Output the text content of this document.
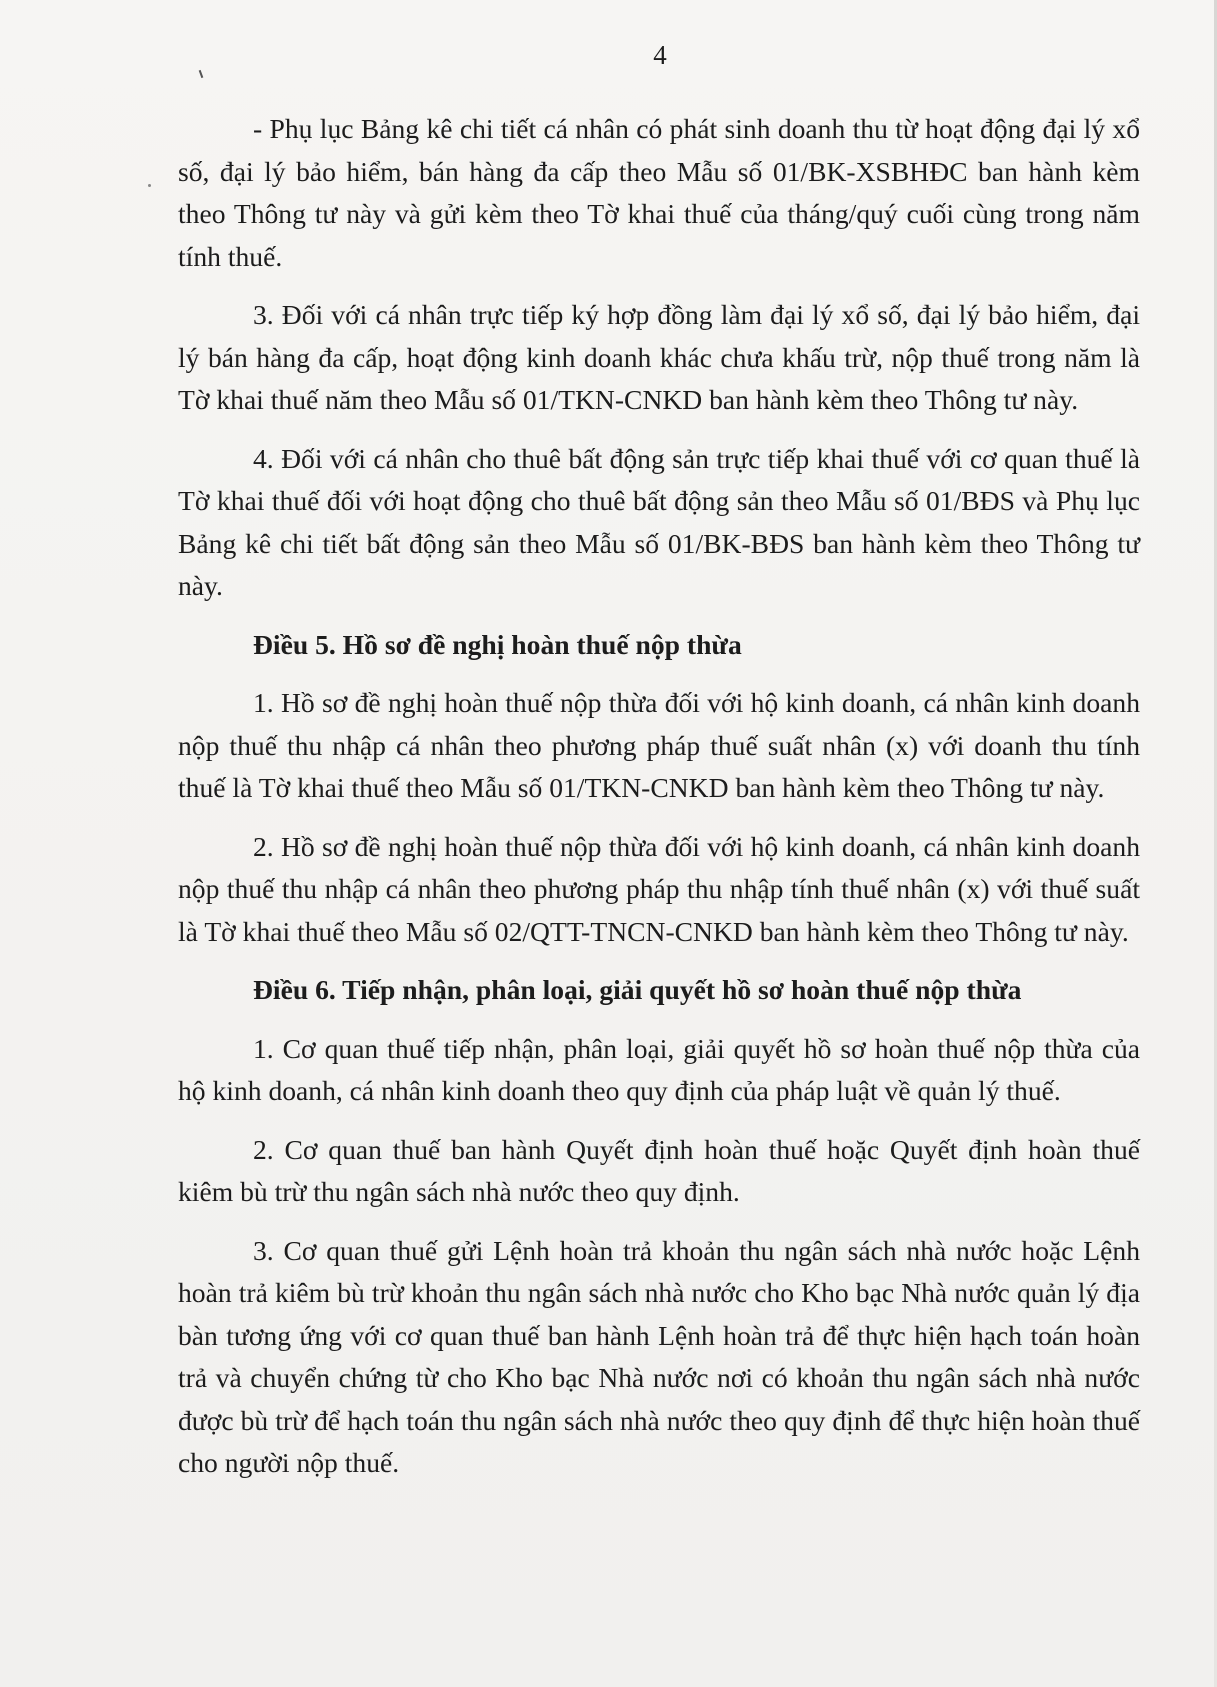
4

- Phụ lục Bảng kê chi tiết cá nhân có phát sinh doanh thu từ hoạt động đại lý xổ số, đại lý bảo hiểm, bán hàng đa cấp theo Mẫu số 01/BK-XSBHĐC ban hành kèm theo Thông tư này và gửi kèm theo Tờ khai thuế của tháng/quý cuối cùng trong năm tính thuế.

3. Đối với cá nhân trực tiếp ký hợp đồng làm đại lý xổ số, đại lý bảo hiểm, đại lý bán hàng đa cấp, hoạt động kinh doanh khác chưa khấu trừ, nộp thuế trong năm là Tờ khai thuế năm theo Mẫu số 01/TKN-CNKD ban hành kèm theo Thông tư này.

4. Đối với cá nhân cho thuê bất động sản trực tiếp khai thuế với cơ quan thuế là Tờ khai thuế đối với hoạt động cho thuê bất động sản theo Mẫu số 01/BĐS và Phụ lục Bảng kê chi tiết bất động sản theo Mẫu số 01/BK-BĐS ban hành kèm theo Thông tư này.

Điều 5. Hồ sơ đề nghị hoàn thuế nộp thừa

1. Hồ sơ đề nghị hoàn thuế nộp thừa đối với hộ kinh doanh, cá nhân kinh doanh nộp thuế thu nhập cá nhân theo phương pháp thuế suất nhân (x) với doanh thu tính thuế là Tờ khai thuế theo Mẫu số 01/TKN-CNKD ban hành kèm theo Thông tư này.

2. Hồ sơ đề nghị hoàn thuế nộp thừa đối với hộ kinh doanh, cá nhân kinh doanh nộp thuế thu nhập cá nhân theo phương pháp thu nhập tính thuế nhân (x) với thuế suất là Tờ khai thuế theo Mẫu số 02/QTT-TNCN-CNKD ban hành kèm theo Thông tư này.

Điều 6. Tiếp nhận, phân loại, giải quyết hồ sơ hoàn thuế nộp thừa

1. Cơ quan thuế tiếp nhận, phân loại, giải quyết hồ sơ hoàn thuế nộp thừa của hộ kinh doanh, cá nhân kinh doanh theo quy định của pháp luật về quản lý thuế.

2. Cơ quan thuế ban hành Quyết định hoàn thuế hoặc Quyết định hoàn thuế kiêm bù trừ thu ngân sách nhà nước theo quy định.

3. Cơ quan thuế gửi Lệnh hoàn trả khoản thu ngân sách nhà nước hoặc Lệnh hoàn trả kiêm bù trừ khoản thu ngân sách nhà nước cho Kho bạc Nhà nước quản lý địa bàn tương ứng với cơ quan thuế ban hành Lệnh hoàn trả để thực hiện hạch toán hoàn trả và chuyển chứng từ cho Kho bạc Nhà nước nơi có khoản thu ngân sách nhà nước được bù trừ để hạch toán thu ngân sách nhà nước theo quy định để thực hiện hoàn thuế cho người nộp thuế.
